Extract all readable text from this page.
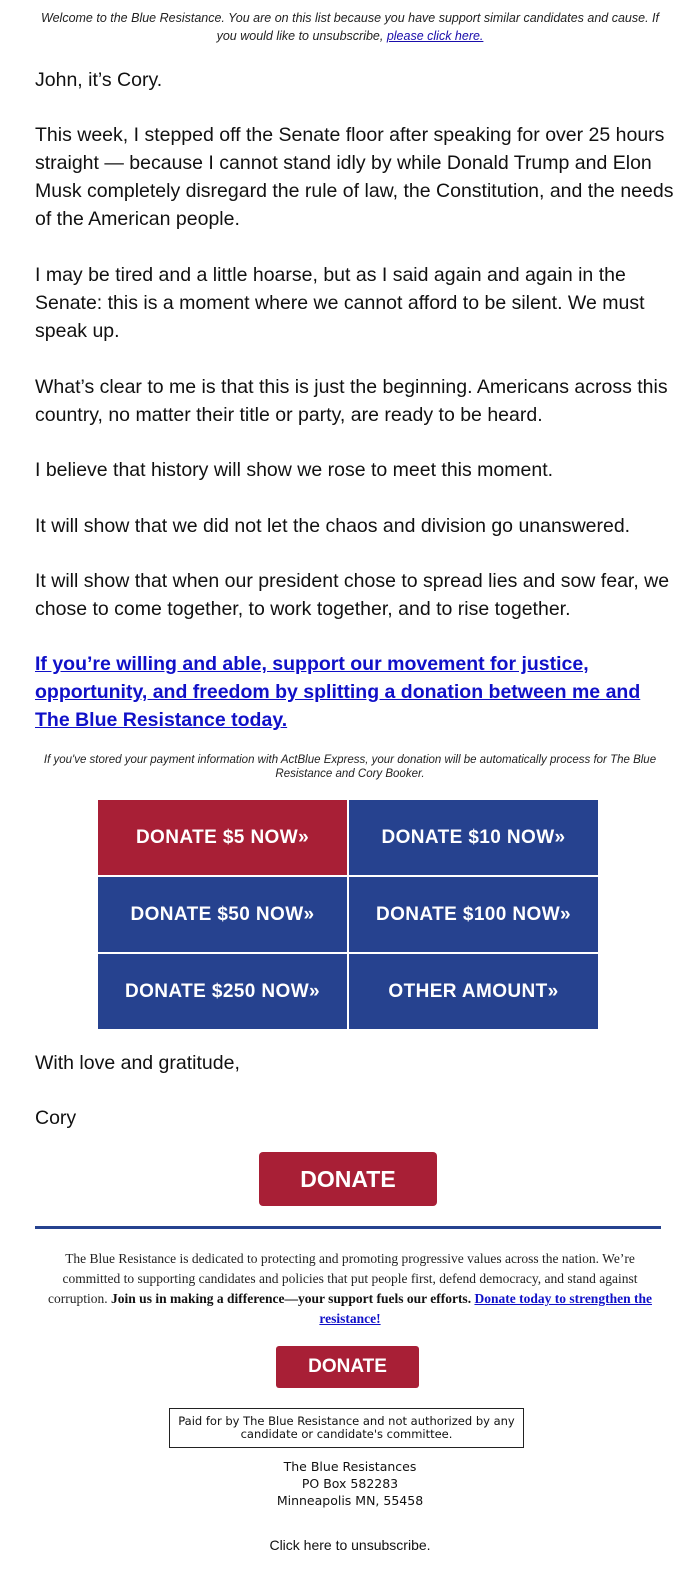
Welcome to the Blue Resistance. You are on this list because you have support similar candidates and cause. If you would like to unsubscribe, please click here.

John, it’s Cory.

This week, I stepped off the Senate floor after speaking for over 25 hours straight — because I cannot stand idly by while Donald Trump and Elon Musk completely disregard the rule of law, the Constitution, and the needs of the American people.

I may be tired and a little hoarse, but as I said again and again in the Senate: this is a moment where we cannot afford to be silent. We must speak up.

What’s clear to me is that this is just the beginning. Americans across this country, no matter their title or party, are ready to be heard.

I believe that history will show we rose to meet this moment.

It will show that we did not let the chaos and division go unanswered.

It will show that when our president chose to spread lies and sow fear, we chose to come together, to work together, and to rise together.

If you’re willing and able, support our movement for justice, opportunity, and freedom by splitting a donation between me and The Blue Resistance today.
If you've stored your payment information with ActBlue Express, your donation will be automatically process for The Blue Resistance and Cory Booker.
DONATE $5 NOW»	DONATE $10 NOW»
DONATE $50 NOW»	DONATE $100 NOW»
DONATE $250 NOW»	OTHER AMOUNT»

With love and gratitude,

Cory

DONATE
The Blue Resistance is dedicated to protecting and promoting progressive values across the nation. We’re committed to supporting candidates and policies that put people first, defend democracy, and stand against corruption. Join us in making a difference—your support fuels our efforts. Donate today to strengthen the resistance!
DONATE
Paid for by The Blue Resistance and not authorized by any candidate or candidate's committee.
The Blue Resistances
PO Box 582283
Minneapolis MN, 55458
Click here to unsubscribe.
